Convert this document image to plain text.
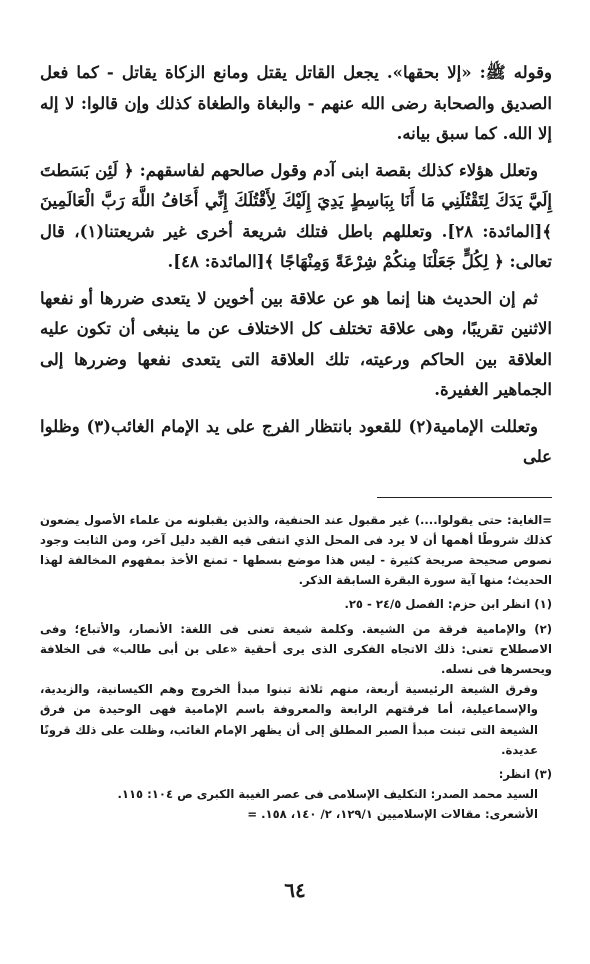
وقوله ﷺ: «إلا بحقها». يجعل القاتل يقتل ومانع الزكاة يقاتل - كما فعل الصديق والصحابة رضى الله عنهم - والبغاة والطغاة كذلك وإن قالوا: لا إله إلا الله. كما سبق بيانه.

وتعلل هؤلاء كذلك بقصة ابنى آدم وقول صالحهم لفاسقهم: ﴿ لَئِن بَسَطتَ إِلَيَّ يَدَكَ لِتَقْتُلَنِي مَا أَنَا بِبَاسِطٍ يَدِيَ إِلَيْكَ لِأَقْتُلَكَ إِنِّي أَخَافُ اللَّهَ رَبَّ الْعَالَمِينَ ﴾[المائدة: ٢٨]. وتعللهم باطل فتلك شريعة أخرى غير شريعتنا(١)، قال تعالى: ﴿ لِكُلٍّ جَعَلْنَا مِنكُمْ شِرْعَةً وَمِنْهَاجًا ﴾[المائدة: ٤٨].

ثم إن الحديث هنا إنما هو عن علاقة بين أخوين لا يتعدى ضررها أو نفعها الاثنين تقريبًا، وهى علاقة تختلف كل الاختلاف عن ما ينبغى أن تكون عليه العلاقة بين الحاكم ورعيته، تلك العلاقة التى يتعدى نفعها وضررها إلى الجماهير الغفيرة.

وتعللت الإمامية(٢) للقعود بانتظار الفرج على يد الإمام الغائب(٣) وظلوا على

=الغاية: حتى يقولوا....) غير مقبول عند الحنفية، والذين يقبلونه من علماء الأصول يضعون كذلك شروطًا أهمها أن لا يرد فى المحل الذي انتفى فيه القيد دليل آخر، ومن الثابت وجود نصوص صحيحة صريحة كثيرة - ليس هذا موضع بسطها - تمنع الأخذ بمفهوم المخالفة لهذا الحديث؛ منها آية سورة البقرة السابقة الذكر.

(١) انظر ابن حزم: الفصل ٢٤/٥ - ٢٥.

(٢) والإمامية فرقة من الشيعة. وكلمة شيعة تعنى فى اللغة: الأنصار، والأتباع؛ وفى الاصطلاح تعنى: ذلك الاتجاه الفكرى الذى يرى أحقية «على بن أبى طالب» فى الخلافة ويحسرها فى نسله.

وفرق الشيعة الرئيسية أربعة، منهم ثلاثة تبنوا مبدأ الخروج وهم الكيسانية، والزيدية، والإسماعيلية، أما فرقتهم الرابعة والمعروفة باسم الإمامية فهى الوحيدة من فرق الشيعة التى تبنت مبدأ الصبر المطلق إلى أن يظهر الإمام الغائب، وظلت على ذلك قرونًا عديدة.

(٣) انظر:

السيد محمد الصدر: التكليف الإسلامى فى عصر الغيبة الكبرى ص ١٠٤: ١١٥.

الأشعرى: مقالات الإسلاميين ١٢٩/١، ٢/ ١٤٠، ١٥٨. =

٦٤
